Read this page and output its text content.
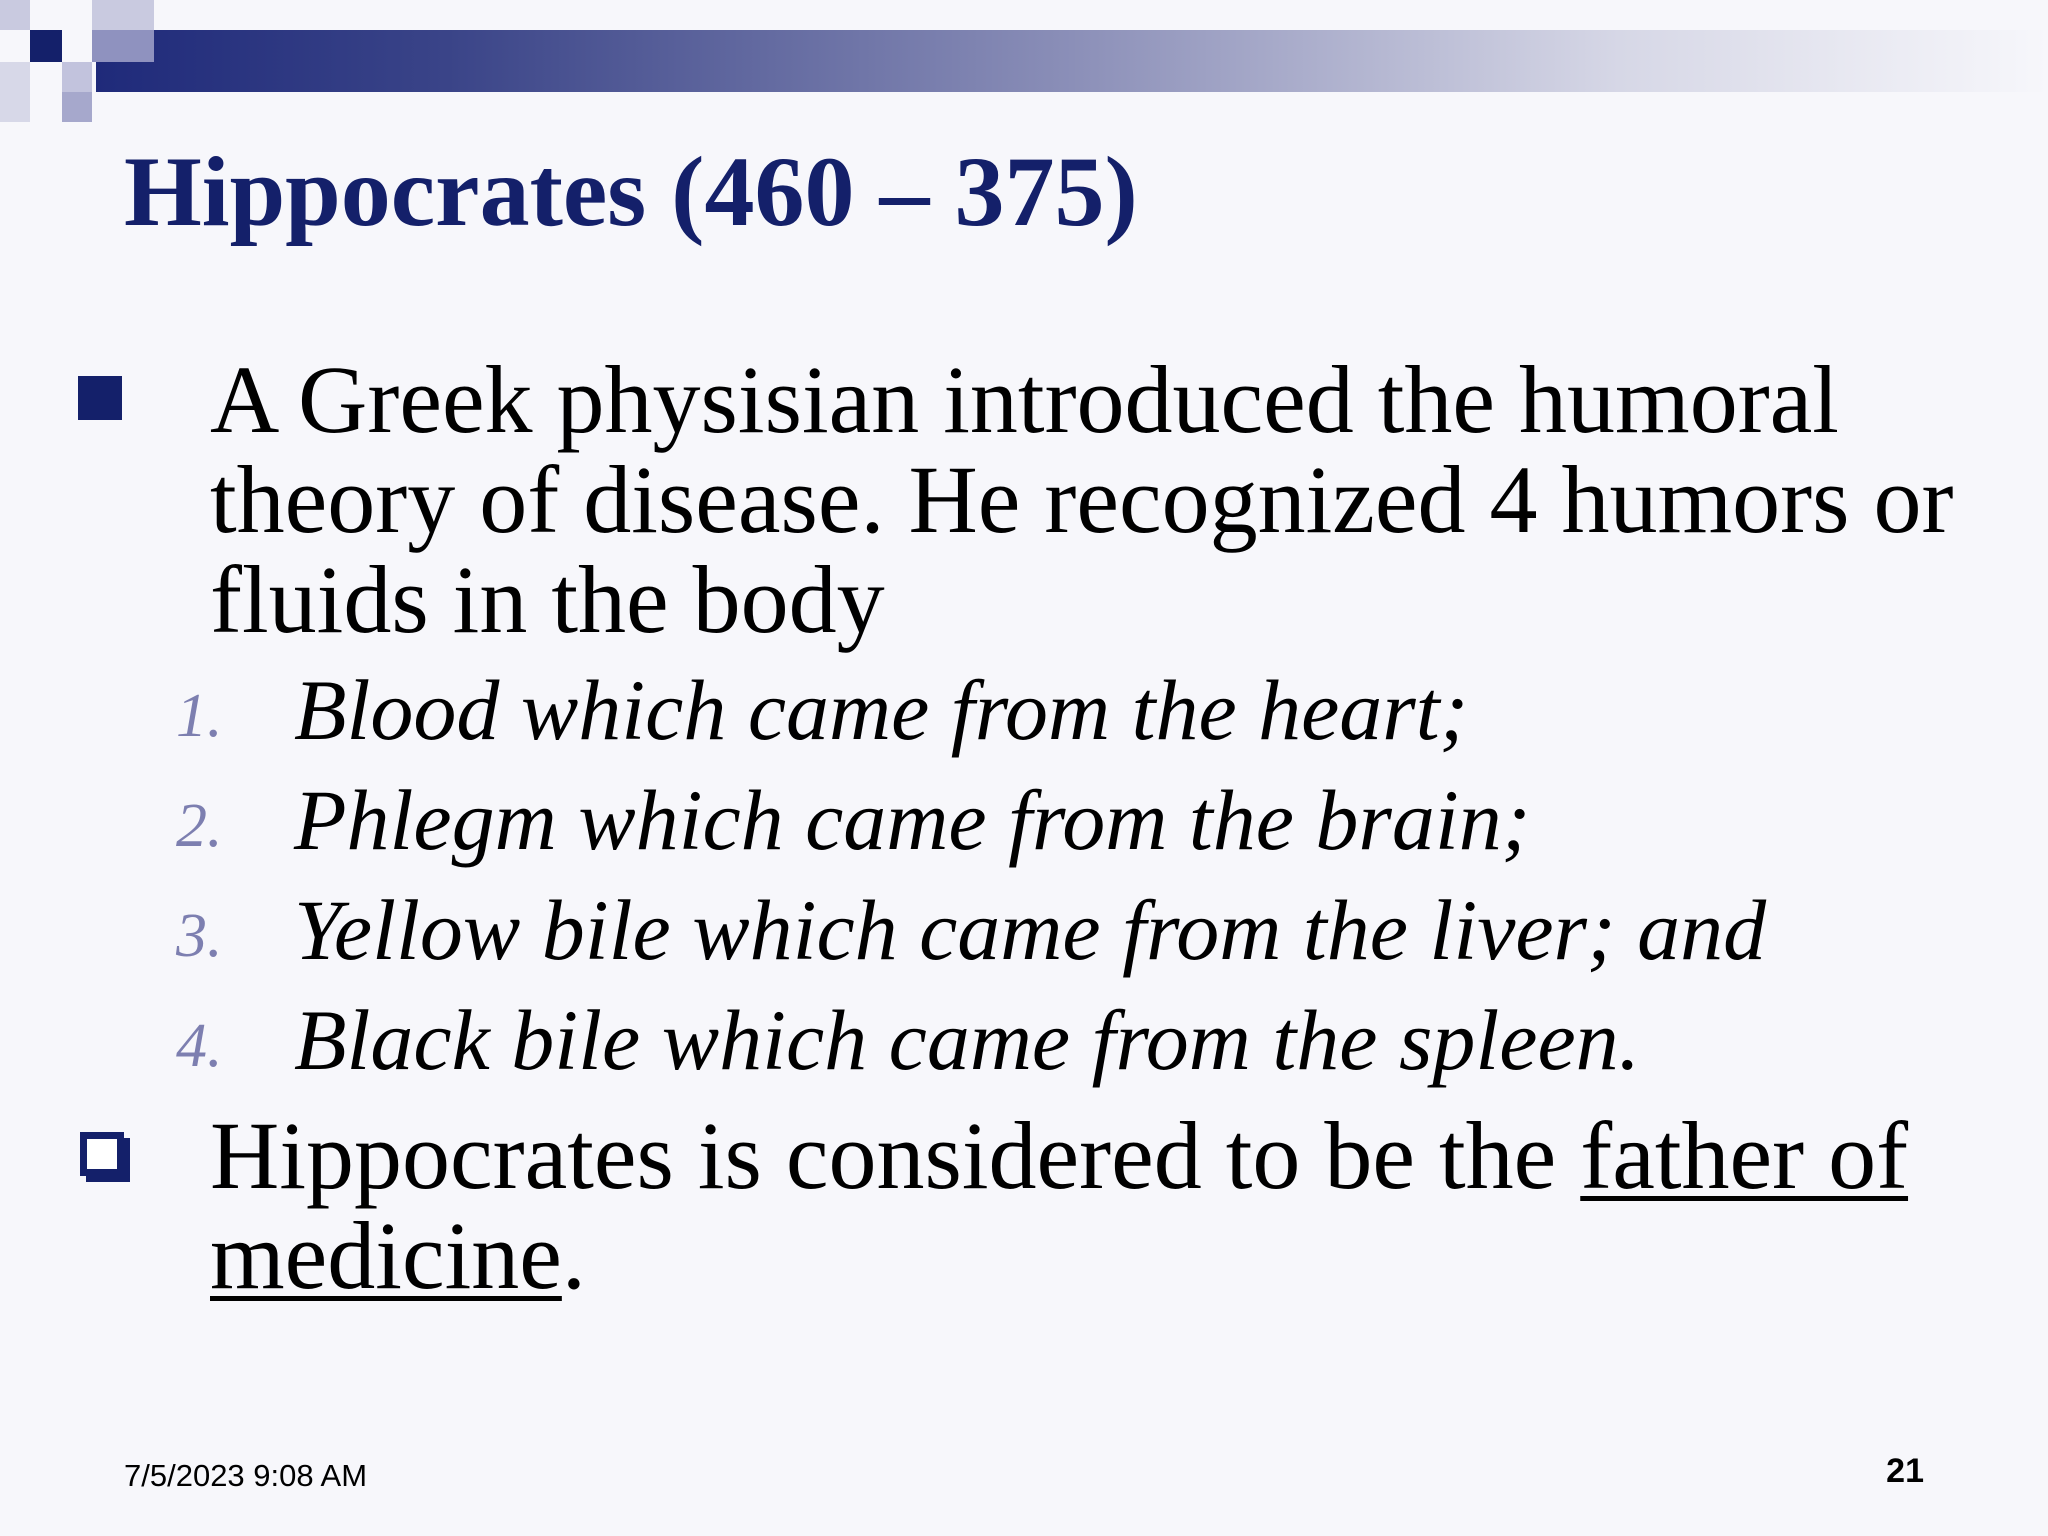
Hippocrates (460 – 375)
A Greek physisian introduced the humoral theory of disease. He recognized 4 humors or fluids in the body
1. Blood which came from the heart;
2. Phlegm which came from the brain;
3. Yellow bile which came from the liver; and
4. Black bile which came from the spleen.
Hippocrates is considered to be the father of medicine.
7/5/2023 9:08 AM	21
